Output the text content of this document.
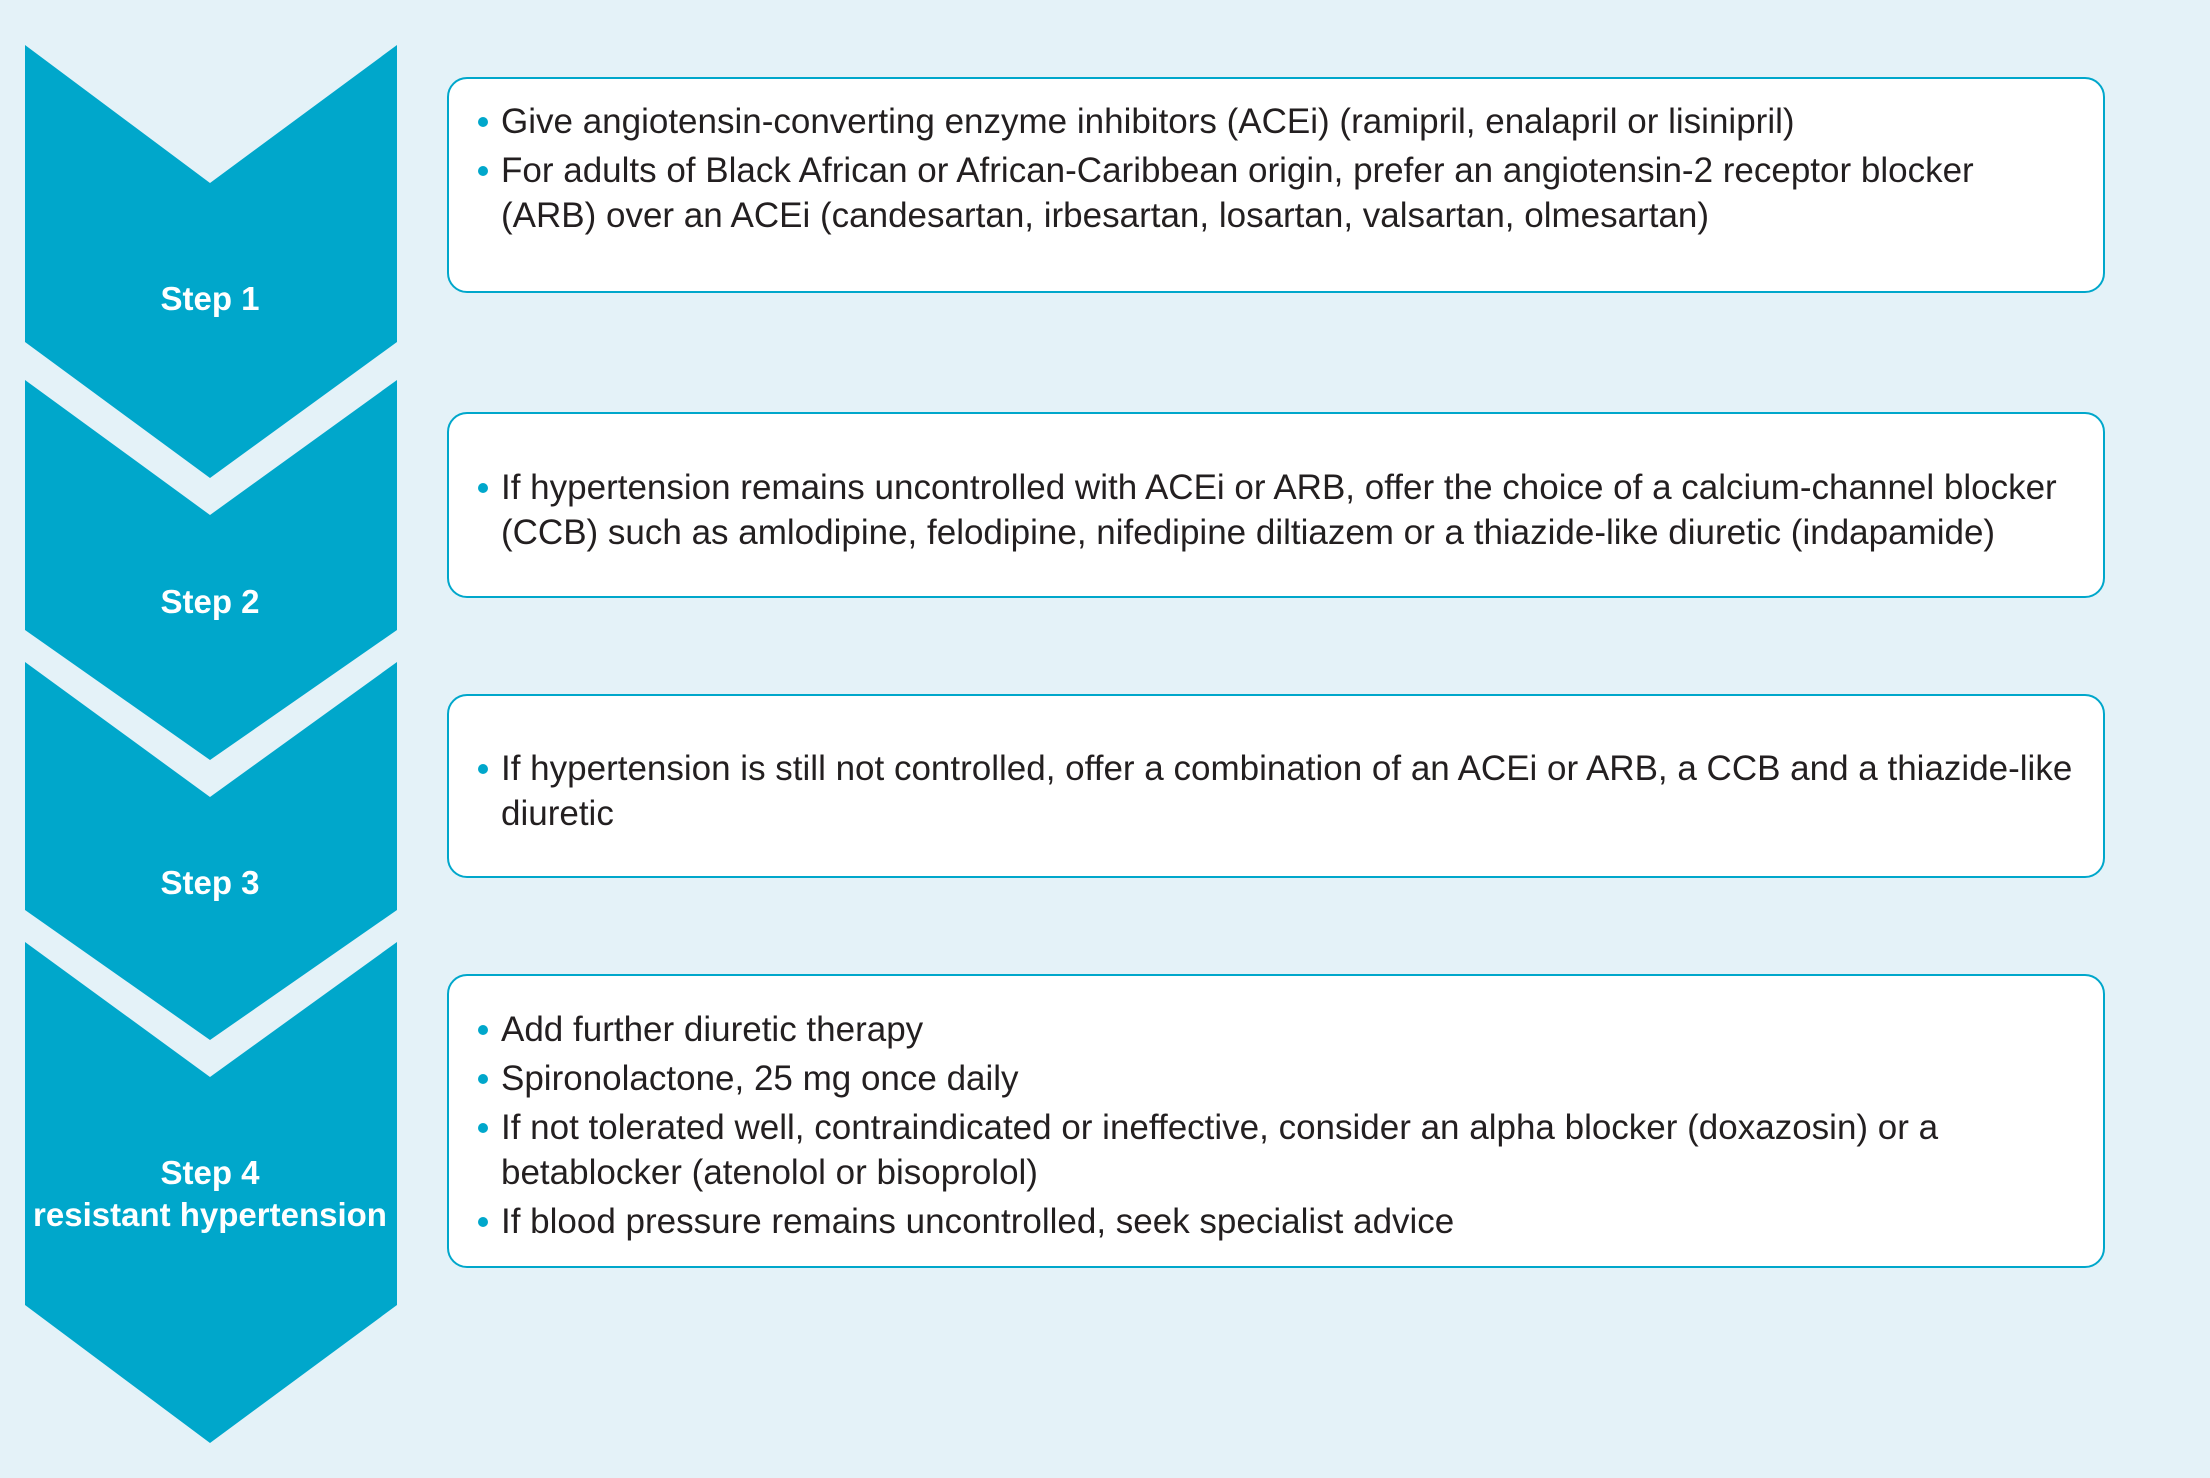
Step 1
Step 2
Step 3
Step 4
resistant hypertension
Give angiotensin-converting enzyme inhibitors (ACEi) (ramipril, enalapril or lisinipril)
For adults of Black African or African-Caribbean origin, prefer an angiotensin-2 receptor blocker (ARB) over an ACEi (candesartan, irbesartan, losartan, valsartan, olmesartan)
If hypertension remains uncontrolled with ACEi or ARB, offer the choice of a calcium-channel blocker (CCB) such as amlodipine, felodipine, nifedipine diltiazem or a thiazide-like diuretic (indapamide)
If hypertension is still not controlled, offer a combination of an ACEi or ARB, a CCB and a thiazide-like diuretic
Add further diuretic therapy
Spironolactone, 25 mg once daily
If not tolerated well, contraindicated or ineffective, consider an alpha blocker (doxazosin) or a betablocker (atenolol or bisoprolol)
If blood pressure remains uncontrolled, seek specialist advice
